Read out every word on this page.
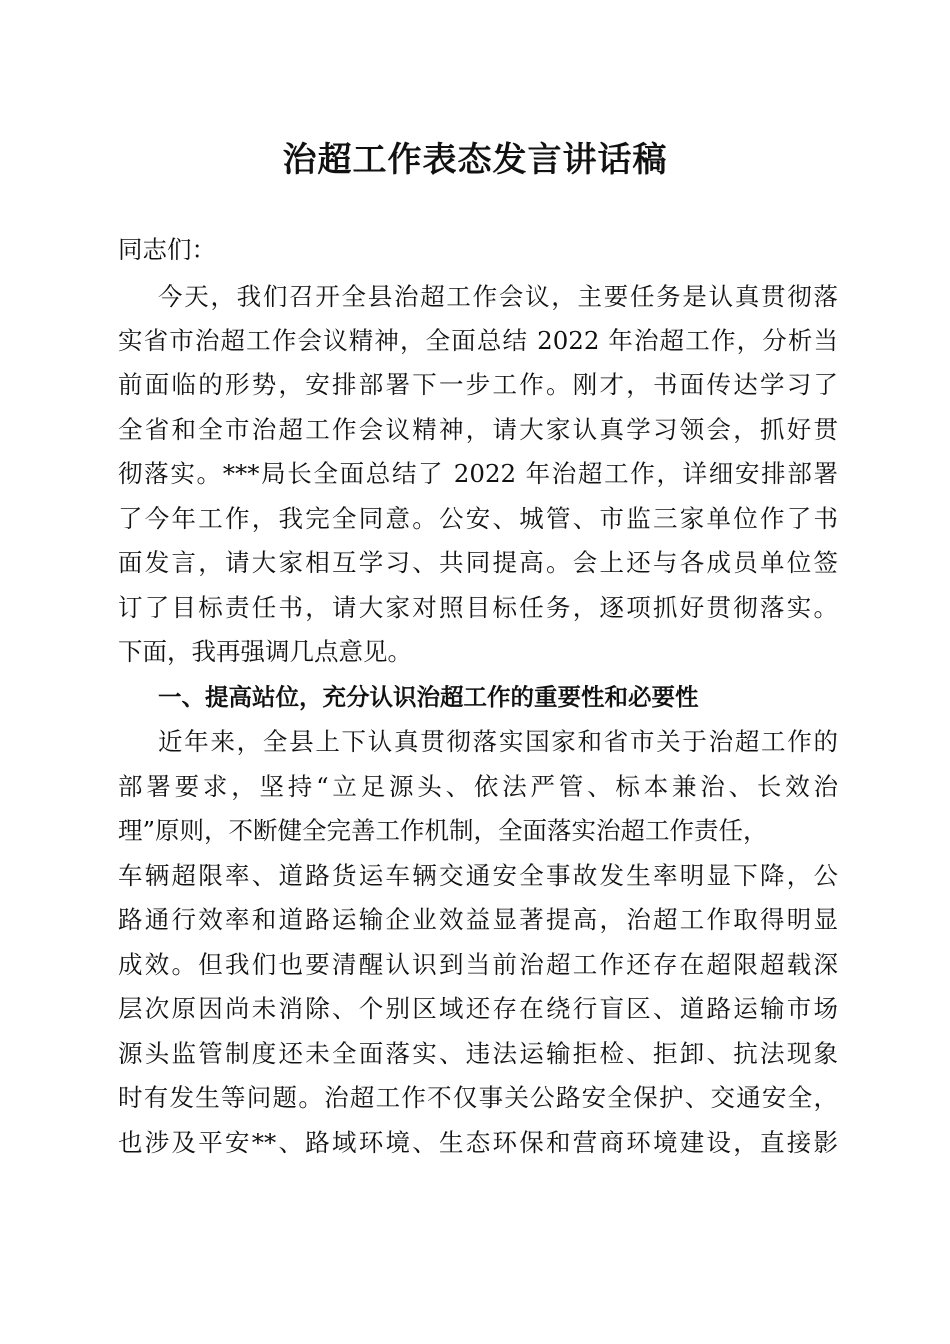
治超工作表态发言讲话稿
同志们：
今天，我们召开全县治超工作会议，主要任务是认真贯彻落
实省市治超工作会议精神，全面总结 2022 年治超工作，分析当
前面临的形势，安排部署下一步工作。刚才，书面传达学习了
全省和全市治超工作会议精神，请大家认真学习领会，抓好贯
彻落实。***局长全面总结了 2022 年治超工作，详细安排部署
了今年工作，我完全同意。公安、城管、市监三家单位作了书
面发言，请大家相互学习、共同提高。会上还与各成员单位签
订了目标责任书，请大家对照目标任务，逐项抓好贯彻落实。
下面，我再强调几点意见。
一、提高站位，充分认识治超工作的重要性和必要性
近年来，全县上下认真贯彻落实国家和省市关于治超工作的
部署要求，坚持“立足源头、依法严管、标本兼治、长效治
理”原则，不断健全完善工作机制，全面落实治超工作责任，
车辆超限率、道路货运车辆交通安全事故发生率明显下降，公
路通行效率和道路运输企业效益显著提高，治超工作取得明显
成效。但我们也要清醒认识到当前治超工作还存在超限超载深
层次原因尚未消除、个别区域还存在绕行盲区、道路运输市场
源头监管制度还未全面落实、违法运输拒检、拒卸、抗法现象
时有发生等问题。治超工作不仅事关公路安全保护、交通安全，
也涉及平安**、路域环境、生态环保和营商环境建设，直接影
